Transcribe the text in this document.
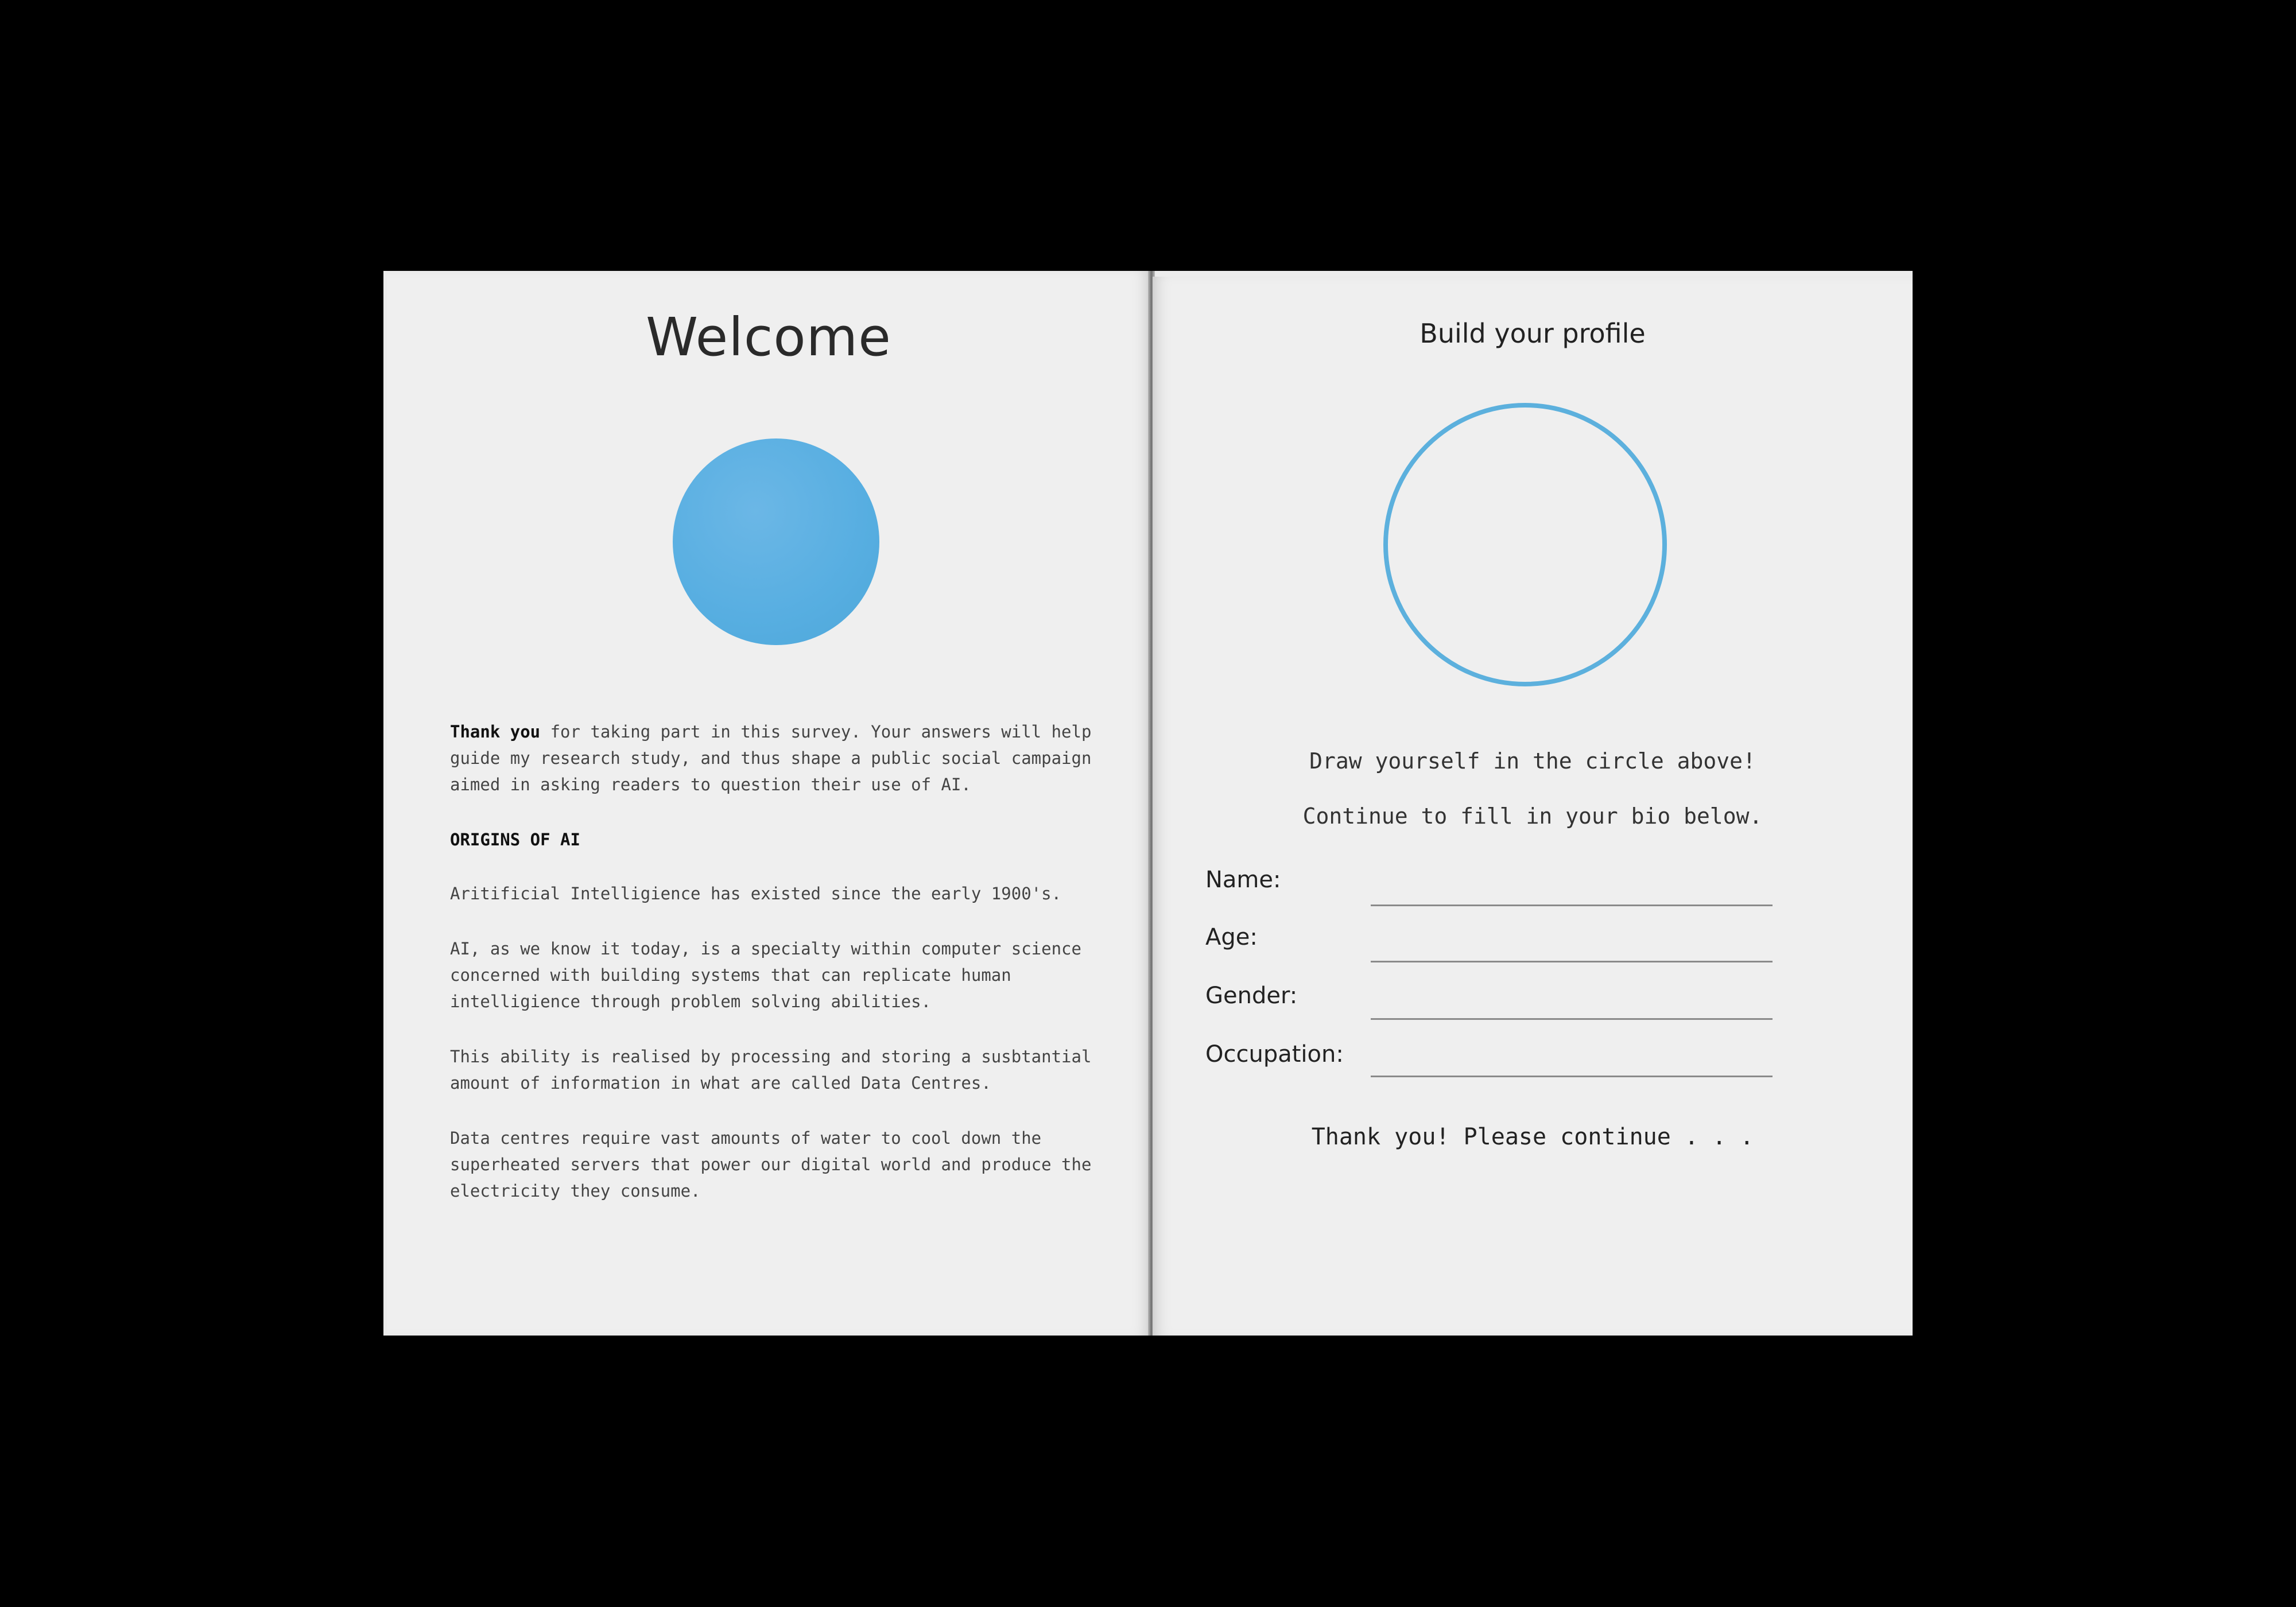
Welcome
Thank you for taking part in this survey. Your answers will help
guide my research study, and thus shape a public social campaign
aimed in asking readers to question their use of AI.
ORIGINS OF AI
Aritificial Intelligience has existed since the early 1900's.
AI, as we know it today, is a specialty within computer science
concerned with building systems that can replicate human
intelligience through problem solving abilities.
This ability is realised by processing and storing a susbtantial
amount of information in what are called Data Centres.
Data centres require vast amounts of water to cool down the
superheated servers that power our digital world and produce the
electricity they consume.
Build your profile
Draw yourself in the circle above!
Continue to fill in your bio below.
Name:
Age:
Gender:
Occupation:
Thank you! Please continue . . .
